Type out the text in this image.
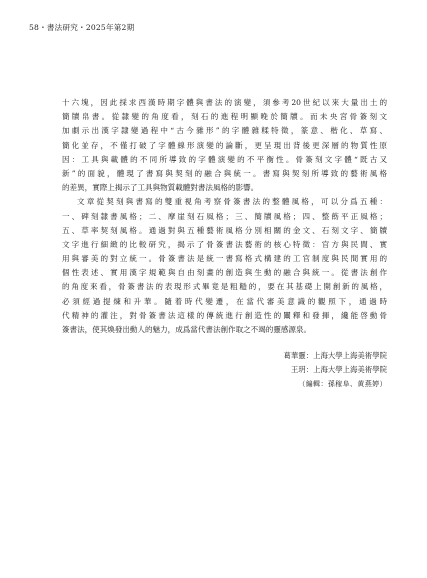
58・書法研究・2025年第2期
十六塊，因此採求西漢時期字體與書法的演變，須參考20世紀以來大量出土的
簡牘帛書。從隸變的角度看，刻石的進程明顯晚於簡牘。而未央宮骨簽刻文
加劇示出漢字隸變過程中“古今雜形”的字體雜糅特徵，篆意、楷化、草寫、
簡化並存，不僅打破了字體線形演變的論斷，更呈現出背後更深層的物質性原
因：工具與載體的不同所導致的字體演變的不平衡性。骨簽刻文字體“既古又
新”的面貌，體現了書寫與契刻的融合與統一。書寫與契刻所導致的藝術風格
的差異，實際上揭示了工具與物質載體對書法風格的影響。
文章從契刻與書寫的雙重視角考察骨簽書法的整體風格，可以分爲五種：
一、碑刻隸書風格；二、摩崖刻石風格；三、簡牘風格；四、整飭平正風格；
五、草率契刻風格。通過對與五種藝術風格分別相關的金文、石刻文字、簡牘
文字進行細緻的比較研究，揭示了骨簽書法藝術的核心特徵：官方與民間、實
用與審美的對立統一。骨簽書法是統一書寫格式構建的工官制度與民間實用的
個性表述、實用漢字規範與自由刻畫的創造與生動的融合與統一。從書法創作
的角度來看，骨簽書法的表現形式畢竟是粗糙的，要在其基礎上開創新的風格，
必須經過提煉和升華。隨着時代變遷，在當代審美意識的觀照下，通過時
代精神的灌注，對骨簽書法這樣的傳統進行創造性的闡釋和發揮，纔能啓動骨
簽書法，使其煥發出動人的魅力，成爲當代書法創作取之不竭的靈感源泉。
葛華靈：上海大學上海美術學院
王玥：上海大學上海美術學院
（編輯：孫稼阜、黄燕婷）
